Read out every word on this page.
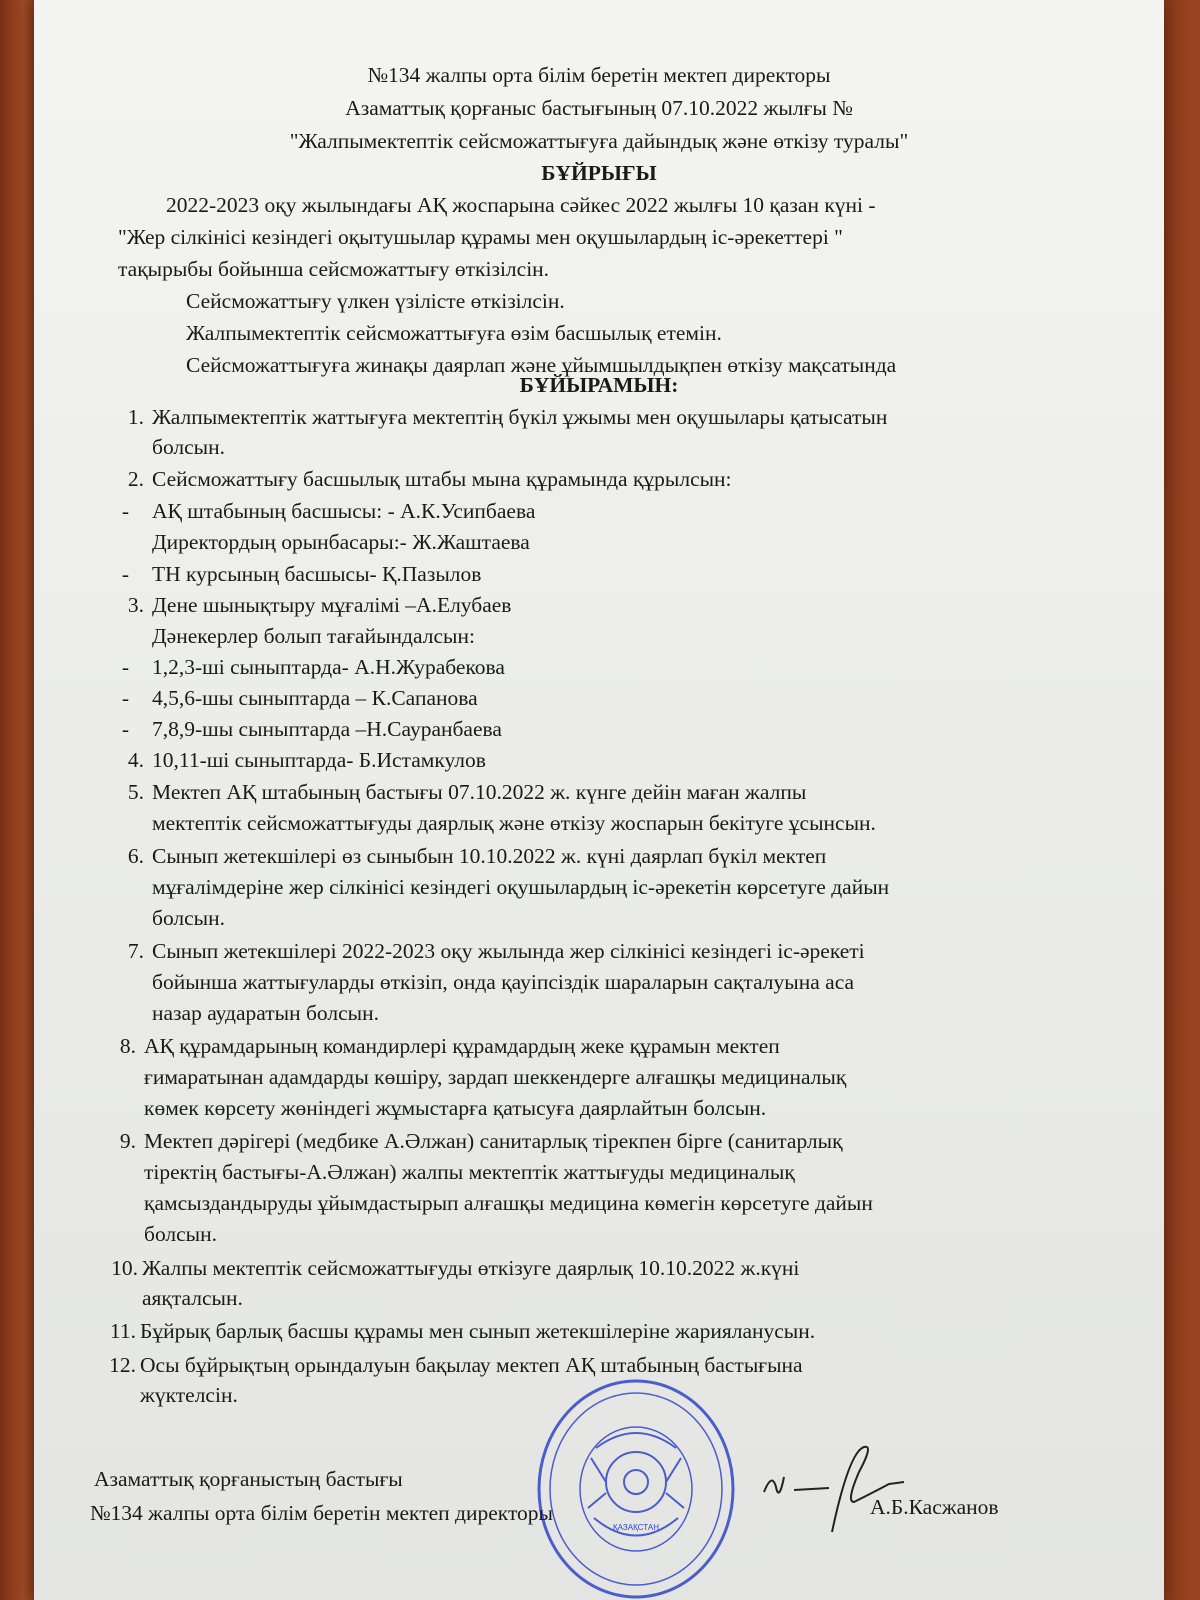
№134 жалпы орта білім беретін мектеп директоры
Азаматтық қорғаныс бастығының 07.10.2022 жылғы №
"Жалпымектептік сейсможаттығуға дайындық және өткізу туралы"
БҰЙРЫҒЫ
2022-2023 оқу жылындағы АҚ жоспарына сәйкес 2022 жылғы 10 қазан күні -
"Жер сілкінісі кезіндегі оқытушылар құрамы мен оқушылардың іс-әрекеттері "
тақырыбы бойынша сейсможаттығу өткізілсін.
Сейсможаттығу үлкен үзілісте өткізілсін.
Жалпымектептік сейсможаттығуға өзім басшылық етемін.
Сейсможаттығуға жинақы даярлап және ұйымшылдықпен өткізу мақсатында
БҰЙЫРАМЫН:
1. Жалпымектептік жаттығуға мектептің бүкіл ұжымы мен оқушылары қатысатын
болсын.
2. Сейсможаттығу басшылық штабы мына құрамында құрылсын:
- АҚ штабының басшысы: - А.К.Усипбаева
Директордың орынбасары:- Ж.Жаштаева
- ТН курсының басшысы- Қ.Пазылов
3. Дене шынықтыру мұғалімі –А.Елубаев
Дәнекерлер болып тағайындалсын:
- 1,2,3-ші сыныптарда- А.Н.Журабекова
- 4,5,6-шы сыныптарда – К.Сапанова
- 7,8,9-шы сыныптарда –Н.Сауранбаева
4. 10,11-ші сыныптарда- Б.Истамкулов
5. Мектеп АҚ штабының бастығы 07.10.2022 ж. күнге дейін маған жалпы
мектептік сейсможаттығуды даярлық және өткізу жоспарын бекітуге ұсынсын.
6. Сынып жетекшілері өз сыныбын 10.10.2022 ж. күні даярлап бүкіл мектеп
мұғалімдеріне жер сілкінісі кезіндегі оқушылардың іс-әрекетін көрсетуге дайын
болсын.
7. Сынып жетекшілері 2022-2023 оқу жылында жер сілкінісі кезіндегі іс-әрекеті
бойынша жаттығуларды өткізіп, онда қауіпсіздік шараларын сақталуына аса
назар аударатын болсын.
8. АҚ құрамдарының командирлері құрамдардың жеке құрамын мектеп
ғимаратынан адамдарды көшіру, зардап шеккендерге алғашқы медициналық
көмек көрсету жөніндегі жұмыстарға қатысуға даярлайтын болсын.
9. Мектеп дәрігері (медбике А.Әлжан) санитарлық тірекпен бірге (санитарлық
тіректің бастығы-А.Әлжан) жалпы мектептік жаттығуды медициналық
қамсыздандыруды ұйымдастырып алғашқы медицина көмегін көрсетуге дайын
болсын.
10. Жалпы мектептік сейсможаттығуды өткізуге даярлық 10.10.2022 ж.күні
аяқталсын.
11. Бұйрық барлық басшы құрамы мен сынып жетекшілеріне жарияланусын.
12. Осы бұйрықтың орындалуын бақылау мектеп АҚ штабының бастығына
жүктелсін.
ҚАЗАҚСТАН
Азаматтық қорғаныстың бастығы
№134 жалпы орта білім беретін мектеп директоры	А.Б.Касжанов
